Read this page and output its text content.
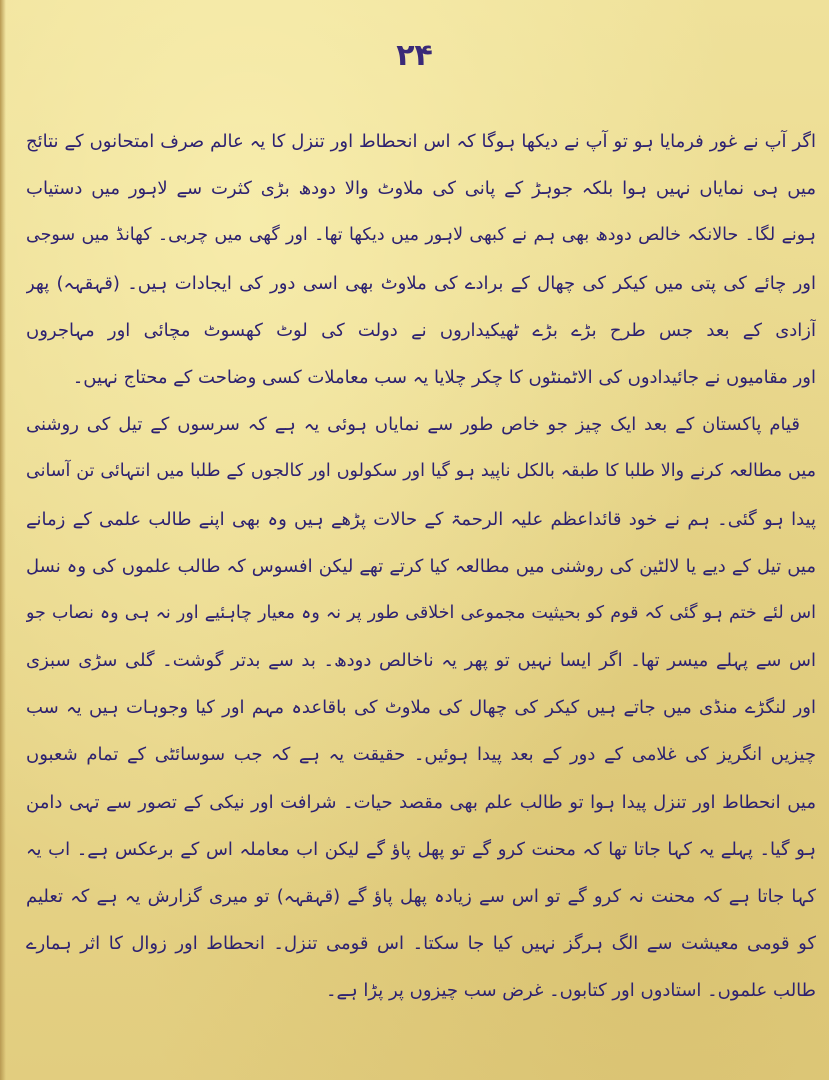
۲۴
اگر آپ نے غور فرمایا ہو تو آپ نے دیکھا ہوگا کہ اس انحطاط اور تنزل کا یہ عالم صرف امتحانوں کے نتائج
میں ہی نمایاں نہیں ہوا بلکہ جوہڑ کے پانی کی ملاوٹ والا دودھ بڑی کثرت سے لاہور میں دستیاب
ہونے لگا۔ حالانکہ خالص دودھ بھی ہم نے کبھی لاہور میں دیکھا تھا۔ اور گھی میں چربی۔ کھانڈ میں سوجی
اور چائے کی پتی میں کیکر کی چھال کے برادے کی ملاوٹ بھی اسی دور کی ایجادات ہیں۔ (قہقہہ) پھر
آزادی کے بعد جس طرح بڑے بڑے ٹھیکیداروں نے دولت کی لوٹ کھسوٹ مچائی اور مہاجروں
اور مقامیوں نے جائیدادوں کی الاٹمنٹوں کا چکر چلایا یہ سب معاملات کسی وضاحت کے محتاج نہیں۔
قیام پاکستان کے بعد ایک چیز جو خاص طور سے نمایاں ہوئی یہ ہے کہ سرسوں کے تیل کی روشنی
میں مطالعہ کرنے والا طلبا کا طبقہ بالکل ناپید ہو گیا اور سکولوں اور کالجوں کے طلبا میں انتہائی تن آسانی
پیدا ہو گئی۔ ہم نے خود قائداعظم علیہ الرحمۃ کے حالات پڑھے ہیں وہ بھی اپنے طالب علمی کے زمانے
میں تیل کے دیے یا لالٹین کی روشنی میں مطالعہ کیا کرتے تھے لیکن افسوس کہ طالب علموں کی وہ نسل
اس لئے ختم ہو گئی کہ قوم کو بحیثیت مجموعی اخلاقی طور پر نہ وہ معیار چاہئیے اور نہ ہی وہ نصاب جو
اس سے پہلے میسر تھا۔ اگر ایسا نہیں تو پھر یہ ناخالص دودھ۔ بد سے بدتر گوشت۔ گلی سڑی سبزی
اور لنگڑے منڈی میں جاتے ہیں کیکر کی چھال کی ملاوٹ کی باقاعدہ مہم اور کیا وجوہات ہیں یہ سب
چیزیں انگریز کی غلامی کے دور کے بعد پیدا ہوئیں۔ حقیقت یہ ہے کہ جب سوسائٹی کے تمام شعبوں
میں انحطاط اور تنزل پیدا ہوا تو طالب علم بھی مقصد حیات۔ شرافت اور نیکی کے تصور سے تہی دامن
ہو گیا۔ پہلے یہ کہا جاتا تھا کہ محنت کرو گے تو پھل پاؤ گے لیکن اب معاملہ اس کے برعکس ہے۔ اب یہ
کہا جاتا ہے کہ محنت نہ کرو گے تو اس سے زیادہ پھل پاؤ گے (قہقہہ) تو میری گزارش یہ ہے کہ تعلیم
کو قومی معیشت سے الگ ہرگز نہیں کیا جا سکتا۔ اس قومی تنزل۔ انحطاط اور زوال کا اثر ہمارے
طالب علموں۔ استادوں اور کتابوں۔ غرض سب چیزوں پر پڑا ہے۔
